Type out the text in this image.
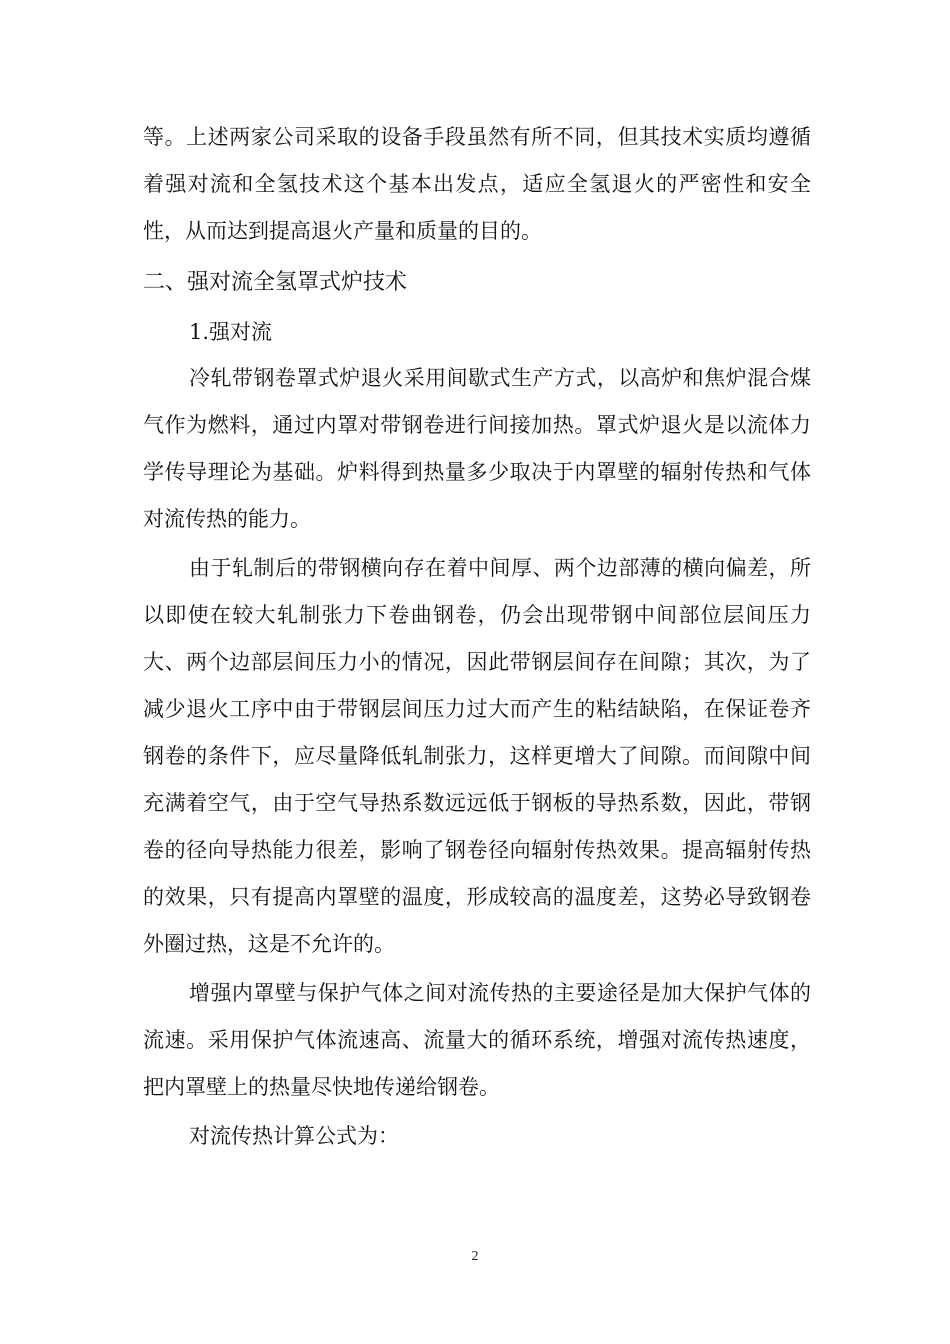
等。上述两家公司采取的设备手段虽然有所不同，但其技术实质均遵循着强对流和全氢技术这个基本出发点，适应全氢退火的严密性和安全性，从而达到提高退火产量和质量的目的。

二、强对流全氢罩式炉技术

1.强对流

冷轧带钢卷罩式炉退火采用间歇式生产方式，以高炉和焦炉混合煤气作为燃料，通过内罩对带钢卷进行间接加热。罩式炉退火是以流体力学传导理论为基础。炉料得到热量多少取决于内罩壁的辐射传热和气体对流传热的能力。

由于轧制后的带钢横向存在着中间厚、两个边部薄的横向偏差，所以即使在较大轧制张力下卷曲钢卷，仍会出现带钢中间部位层间压力大、两个边部层间压力小的情况，因此带钢层间存在间隙；其次，为了减少退火工序中由于带钢层间压力过大而产生的粘结缺陷，在保证卷齐钢卷的条件下，应尽量降低轧制张力，这样更增大了间隙。而间隙中间充满着空气，由于空气导热系数远远低于钢板的导热系数，因此，带钢卷的径向导热能力很差，影响了钢卷径向辐射传热效果。提高辐射传热的效果，只有提高内罩壁的温度，形成较高的温度差，这势必导致钢卷外圈过热，这是不允许的。

增强内罩壁与保护气体之间对流传热的主要途径是加大保护气体的流速。采用保护气体流速高、流量大的循环系统，增强对流传热速度，把内罩壁上的热量尽快地传递给钢卷。

对流传热计算公式为：

2
